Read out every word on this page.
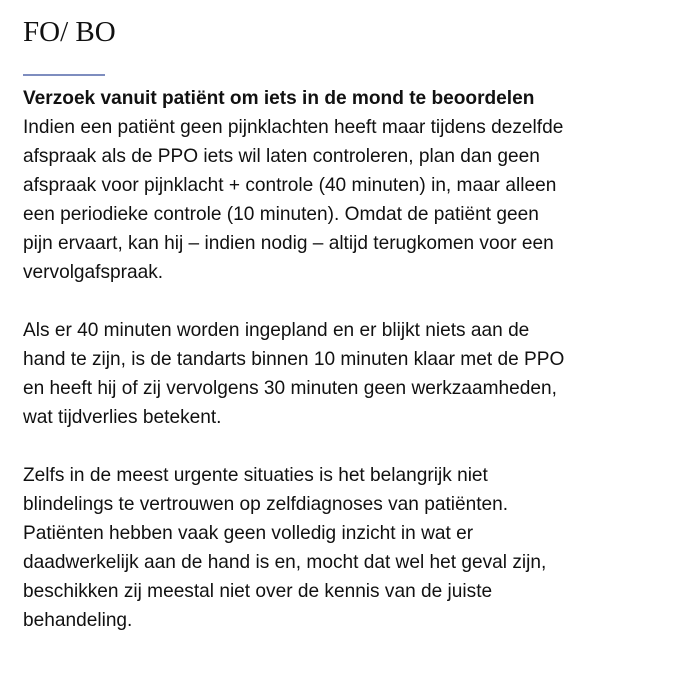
FO/ BO

Verzoek vanuit patiënt om iets in de mond te beoordelen
Indien een patiënt geen pijnklachten heeft maar tijdens dezelfde
afspraak als de PPO iets wil laten controleren, plan dan geen
afspraak voor pijnklacht + controle (40 minuten) in, maar alleen
een periodieke controle (10 minuten). Omdat de patiënt geen
pijn ervaart, kan hij – indien nodig – altijd terugkomen voor een
vervolgafspraak.

Als er 40 minuten worden ingepland en er blijkt niets aan de
hand te zijn, is de tandarts binnen 10 minuten klaar met de PPO
en heeft hij of zij vervolgens 30 minuten geen werkzaamheden,
wat tijdverlies betekent.

Zelfs in de meest urgente situaties is het belangrijk niet
blindelings te vertrouwen op zelfdiagnoses van patiënten.
Patiënten hebben vaak geen volledig inzicht in wat er
daadwerkelijk aan de hand is en, mocht dat wel het geval zijn,
beschikken zij meestal niet over de kennis van de juiste
behandeling.
